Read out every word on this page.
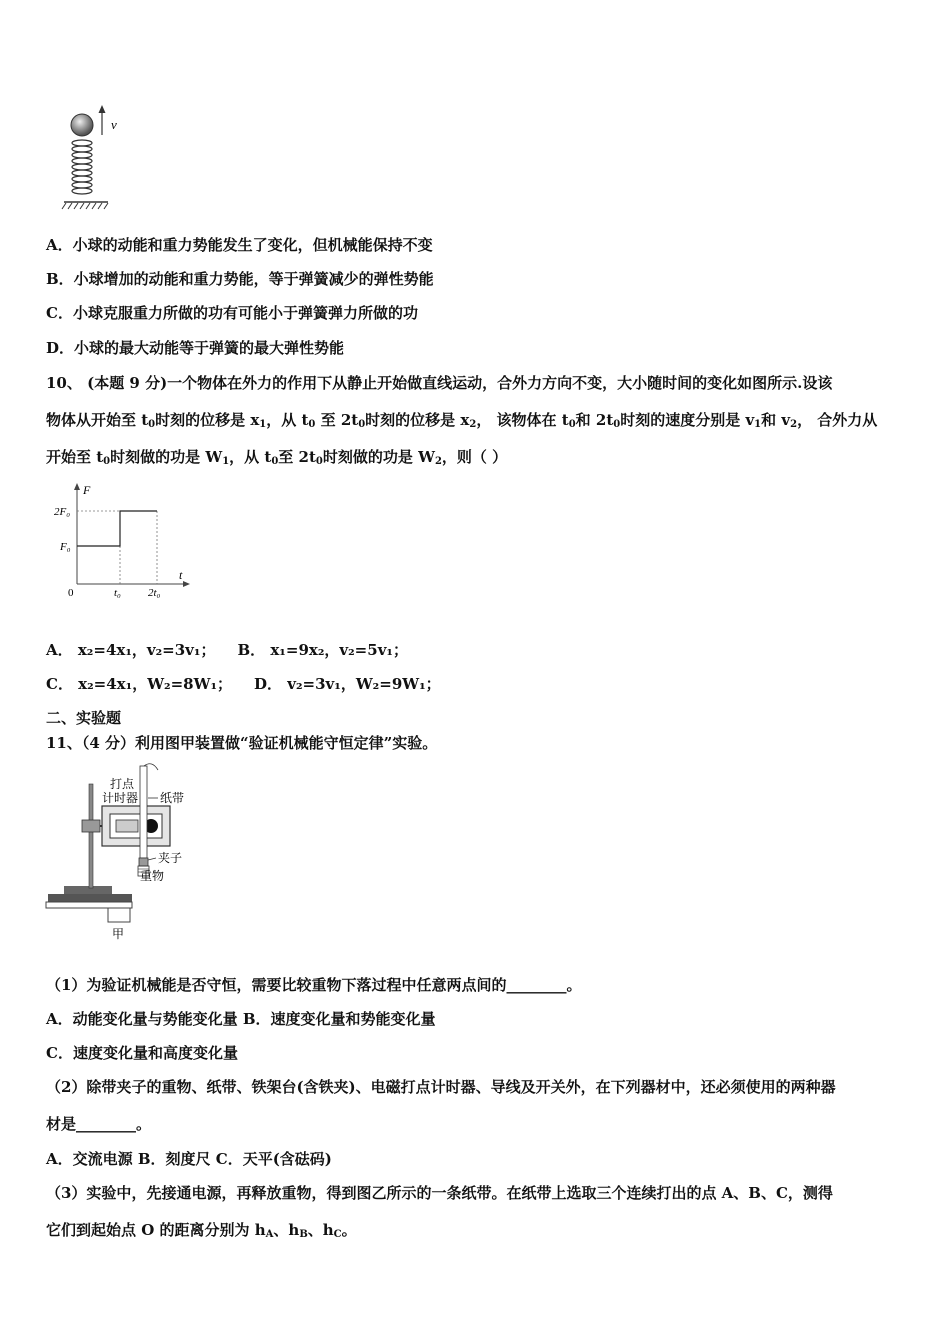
v
A．小球的动能和重力势能发生了变化，但机械能保持不变
B．小球增加的动能和重力势能，等于弹簧减少的弹性势能
C．小球克服重力所做的功有可能小于弹簧弹力所做的功
D．小球的最大动能等于弹簧的最大弹性势能
10、 (本题 9 分)一个物体在外力的作用下从静止开始做直线运动，合外力方向不变，大小随时间的变化如图所示.设该
物体从开始至 $t_0$时刻的位移是 $x_1$，从 $t_0$ 至 $2t_0$时刻的位移是 $x_2$， 该物体在 $t_0$和 $2t_0$时刻的速度分别是 $v_1$和 $v_2$， 合外力从
开始至 $t_0$时刻做的功是 $W_1$，从 $t_0$至 $2t_0$时刻做的功是 $W_2$，则（ ）
F
t
2F₀
F₀
0	t₀ 2t₀
A． x₂=4x₁，v₂=3v₁； B． x₁=9x₂，v₂=5v₁；
C． x₂=4x₁，W₂=8W₁； D． v₂=3v₁，W₂=9W₁；
二、实验题
11、（4 分）利用图甲装置做“验证机械能守恒定律”实验。
打点
计时器 纸带
夹子
重物
甲
（1）为验证机械能是否守恒，需要比较重物下落过程中任意两点间的________。
A．动能变化量与势能变化量 B．速度变化量和势能变化量
C．速度变化量和高度变化量
（2）除带夹子的重物、纸带、铁架台(含铁夹)、电磁打点计时器、导线及开关外，在下列器材中，还必须使用的两种器
材是________。
A．交流电源 B．刻度尺 C．天平(含砝码)
（3）实验中，先接通电源，再释放重物，得到图乙所示的一条纸带。在纸带上选取三个连续打出的点 A、B、C，测得
它们到起始点 O 的距离分别为 $h_A$、$h_B$、$h_C$。
